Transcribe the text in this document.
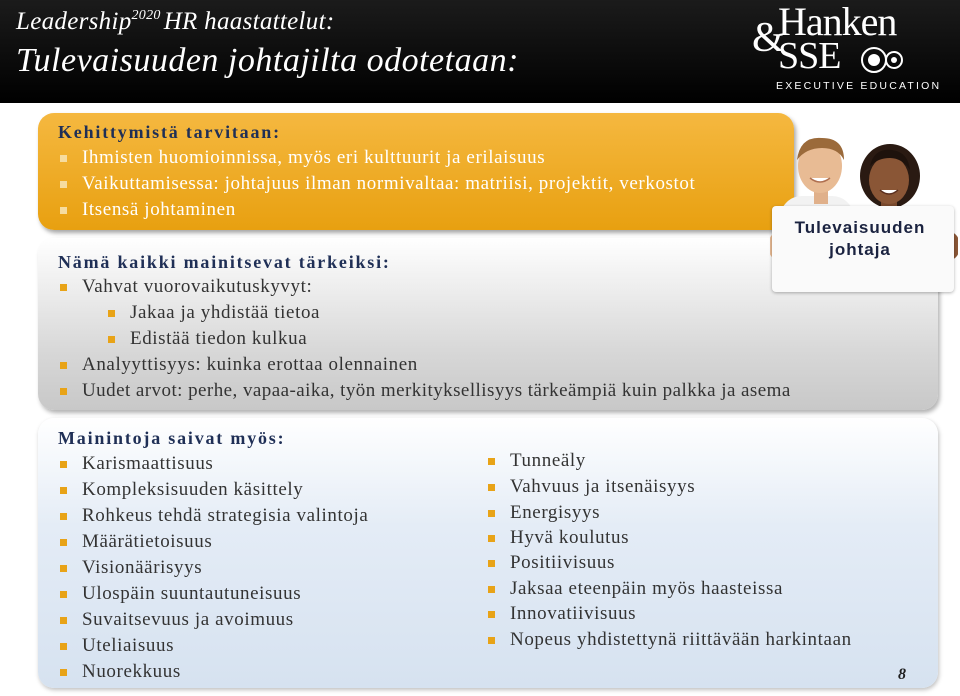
Leadership$^{2020}$ HR haastattelut:
Tulevaisuuden johtajilta odotetaan:	&
Hanken
SSE
EXECUTIVE EDUCATION
Kehittymistä tarvitaan:
Ihmisten huomioinnissa, myös eri kulttuurit ja erilaisuus
Vaikuttamisessa: johtajuus ilman normivaltaa: matriisi, projektit, verkostot
Itsensä johtaminen
Nämä kaikki mainitsevat tärkeiksi:
Vahvat vuorovaikutuskyvyt:
Jakaa ja yhdistää tietoa
Edistää tiedon kulkua
Analyyttisyys: kuinka erottaa olennainen
Uudet arvot: perhe, vapaa-aika, työn merkityksellisyys tärkeämpiä kuin palkka ja asema
Tulevaisuuden
johtaja
Mainintoja saivat myös:
Karismaattisuus
Kompleksisuuden käsittely
Rohkeus tehdä strategisia valintoja
Määrätietoisuus
Visionäärisyys
Ulospäin suuntautuneisuus
Suvaitsevuus ja avoimuus
Uteliaisuus
Nuorekkuus
Tunneäly
Vahvuus ja itsenäisyys
Energisyys
Hyvä koulutus
Positiivisuus
Jaksaa eteenpäin myös haasteissa
Innovatiivisuus
Nopeus yhdistettynä riittävään harkintaan
8
